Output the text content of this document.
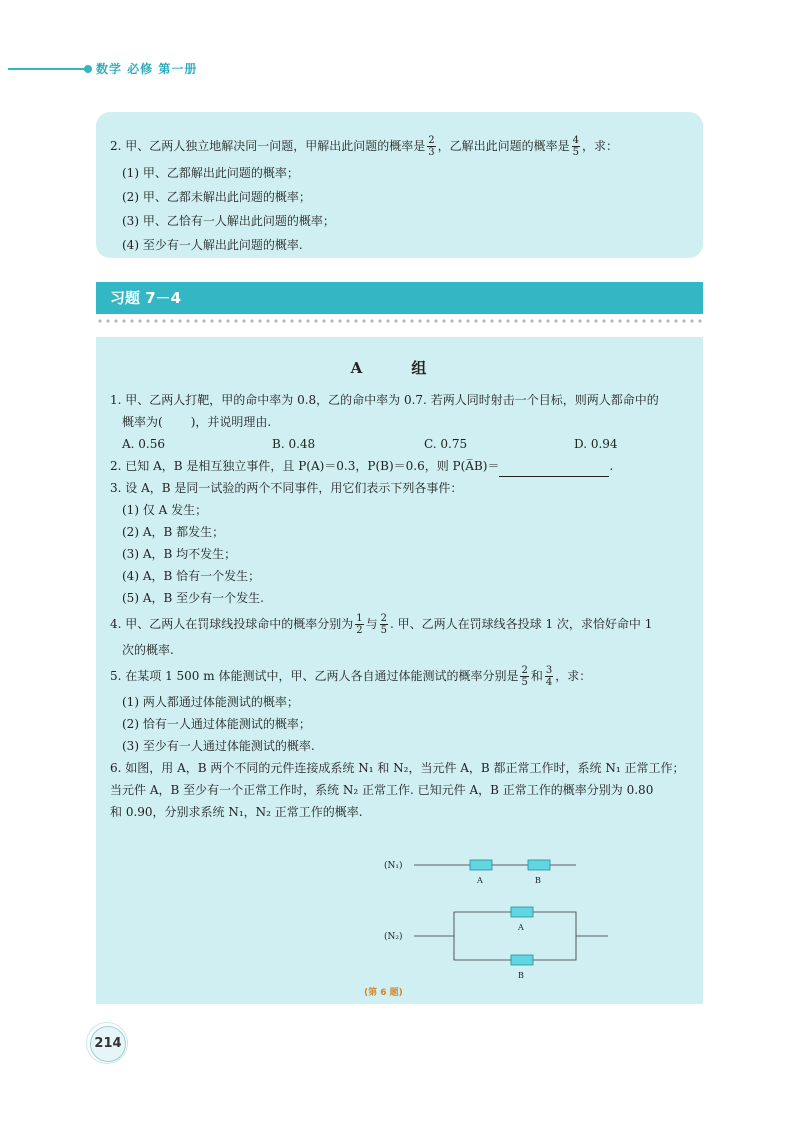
数学 必修 第一册
2. 甲、乙两人独立地解决同一问题，甲解出此问题的概率是 $\frac{2}{3}$ ，乙解出此问题的概率是 $\frac{4}{5}$ ，求：
(1) 甲、乙都解出此问题的概率；
(2) 甲、乙都未解出此问题的概率；
(3) 甲、乙恰有一人解出此问题的概率；
(4) 至少有一人解出此问题的概率.
习题 7－4
A 组
1. 甲、乙两人打靶，甲的命中率为 0.8，乙的命中率为 0.7. 若两人同时射击一个目标，则两人都命中的
概率为( )，并说明理由.
A. 0.56	B. 0.48	C. 0.75	D. 0.94
2. 已知 A，B 是相互独立事件，且 P(A)＝0.3，P(B)＝0.6，则 P(A̅B)＝	.
3. 设 A，B 是同一试验的两个不同事件，用它们表示下列各事件：
(1) 仅 A 发生；
(2) A，B 都发生；
(3) A，B 均不发生；
(4) A，B 恰有一个发生；
(5) A，B 至少有一个发生.
4. 甲、乙两人在罚球线投球命中的概率分别为 $\frac{1}{2}$ 与 $\frac{2}{5}$ . 甲、乙两人在罚球线各投球 1 次，求恰好命中 1
次的概率.
5. 在某项 1 500 m 体能测试中，甲、乙两人各自通过体能测试的概率分别是 $\frac{2}{5}$ 和 $\frac{3}{4}$ ，求：
(1) 两人都通过体能测试的概率；
(2) 恰有一人通过体能测试的概率；
(3) 至少有一人通过体能测试的概率.
6. 如图，用 A，B 两个不同的元件连接成系统 N₁ 和 N₂，当元件 A，B 都正常工作时，系统 N₁ 正常工作；
当元件 A，B 至少有一个正常工作时，系统 N₂ 正常工作. 已知元件 A，B 正常工作的概率分别为 0.80
和 0.90，分别求系统 N₁，N₂ 正常工作的概率.
(N₁)
A	B
(N₂)
A
B
(第 6 题)
214
